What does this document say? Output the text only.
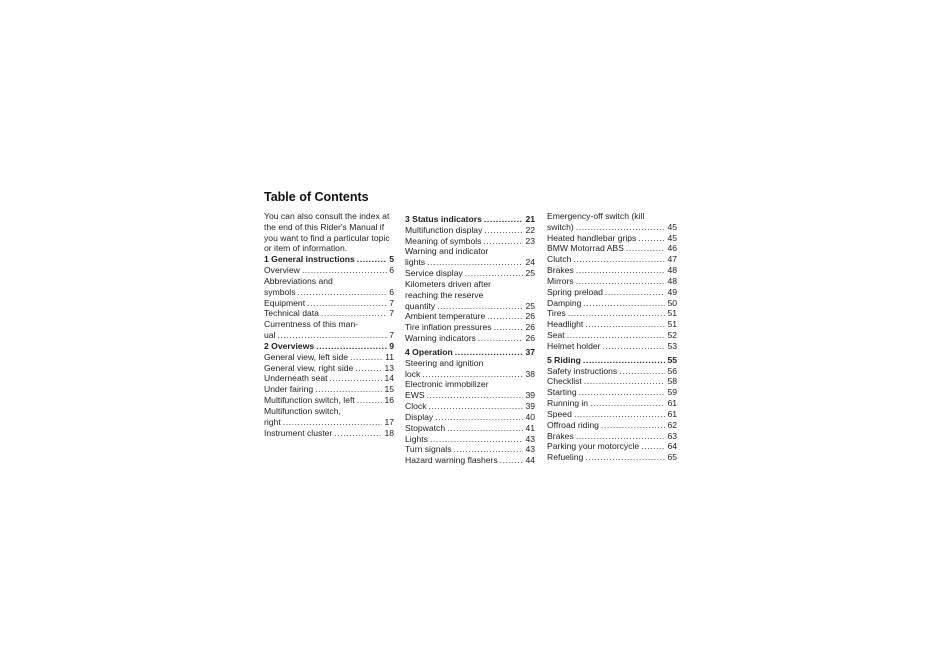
Table of Contents
You can also consult the index at
the end of this Rider's Manual if
you want to find a particular topic
or item of information.
1 General instructions . . .	5
Overview . . .	6
Abbreviations and
symbols . . .	6
Equipment . . .	7
Technical data . . .	7
Currentness of this man-
ual . . .	7
2 Overviews . . .	9
General view, left side . . .	11
General view, right side . . .	13
Underneath seat . . .	14
Under fairing . . .	15
Multifunction switch, left . . .	16
Multifunction switch,
right . . .	17
Instrument cluster . . .	18
3 Status indicators . . .	21
Multifunction display . . .	22
Meaning of symbols . . .	23
Warning and indicator
lights . . .	24
Service display . . .	25
Kilometers driven after
reaching the reserve
quantity . . .	25
Ambient temperature . . .	26
Tire inflation pressures . . .	26
Warning indicators . . .	26
4 Operation . . .	37
Steering and ignition
lock . . .	38
Electronic immobilizer
EWS . . .	39
Clock . . .	39
Display . . .	40
Stopwatch . . .	41
Lights . . .	43
Turn signals . . .	43
Hazard warning flashers . . .	44
Emergency-off switch (kill
switch) . . .	45
Heated handlebar grips . . .	45
BMW Motorrad ABS . . .	46
Clutch . . .	47
Brakes . . .	48
Mirrors . . .	48
Spring preload . . .	49
Damping . . .	50
Tires . . .	51
Headlight . . .	51
Seat . . .	52
Helmet holder . . .	53
5 Riding . . .	55
Safety instructions . . .	56
Checklist . . .	58
Starting . . .	59
Running in . . .	61
Speed . . .	61
Offroad riding . . .	62
Brakes . . .	63
Parking your motorcycle . . .	64
Refueling . . .	65
